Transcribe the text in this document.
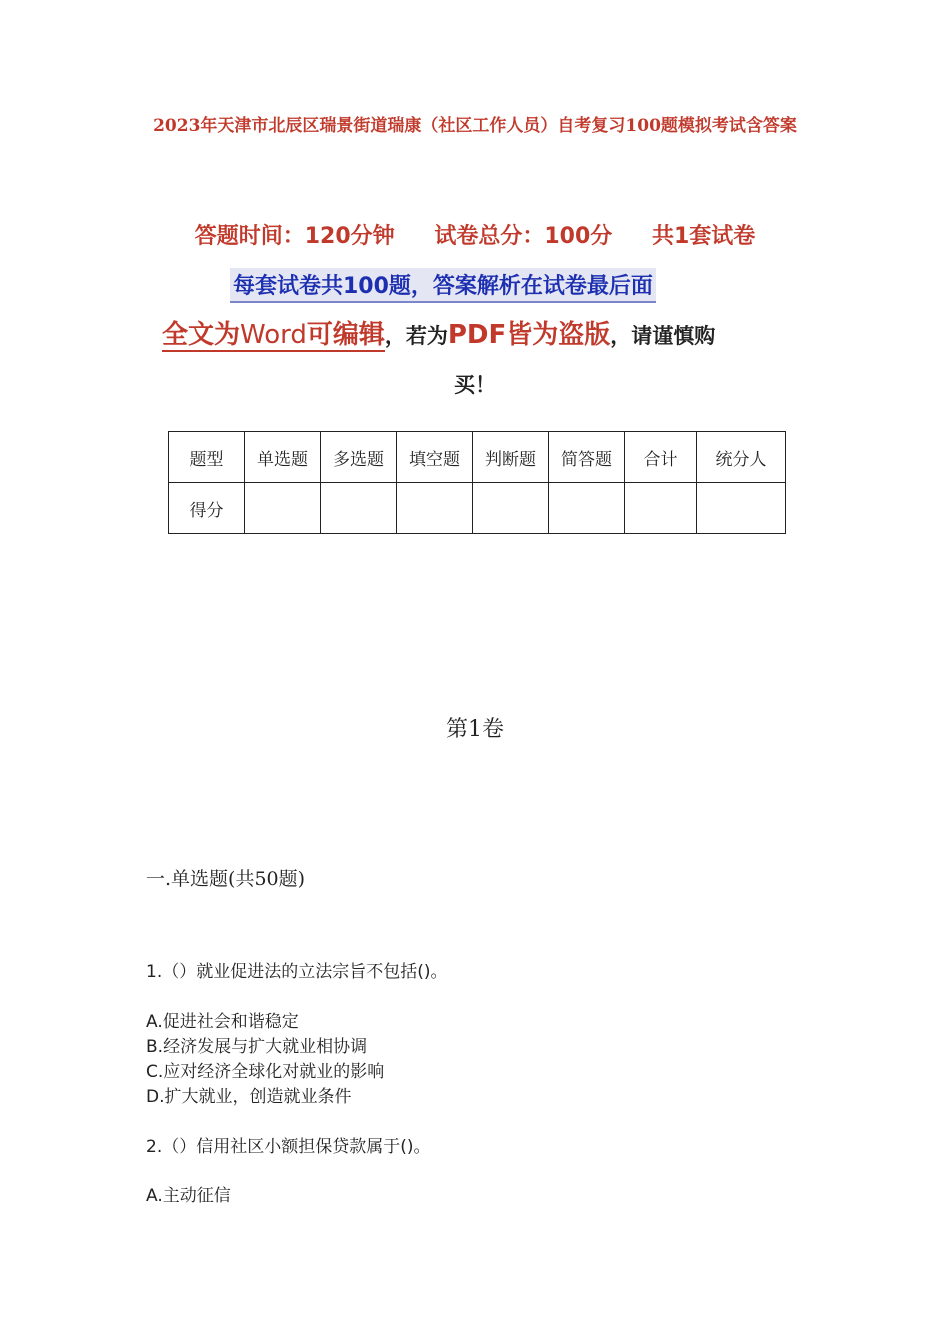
2023年天津市北辰区瑞景街道瑞康（社区工作人员）自考复习100题模拟考试含答案
答题时间：120分钟 试卷总分：100分 共1套试卷
每套试卷共100题，答案解析在试卷最后面
全文为Word可编辑，若为PDF皆为盗版，请谨慎购
买！
题型	单选题	多选题	填空题	判断题	简答题	合计	统分人
得分							
第1卷
一.单选题(共50题)
1.（）就业促进法的立法宗旨不包括()。
A.促进社会和谐稳定
B.经济发展与扩大就业相协调
C.应对经济全球化对就业的影响
D.扩大就业，创造就业条件
2.（）信用社区小额担保贷款属于()。
A.主动征信
